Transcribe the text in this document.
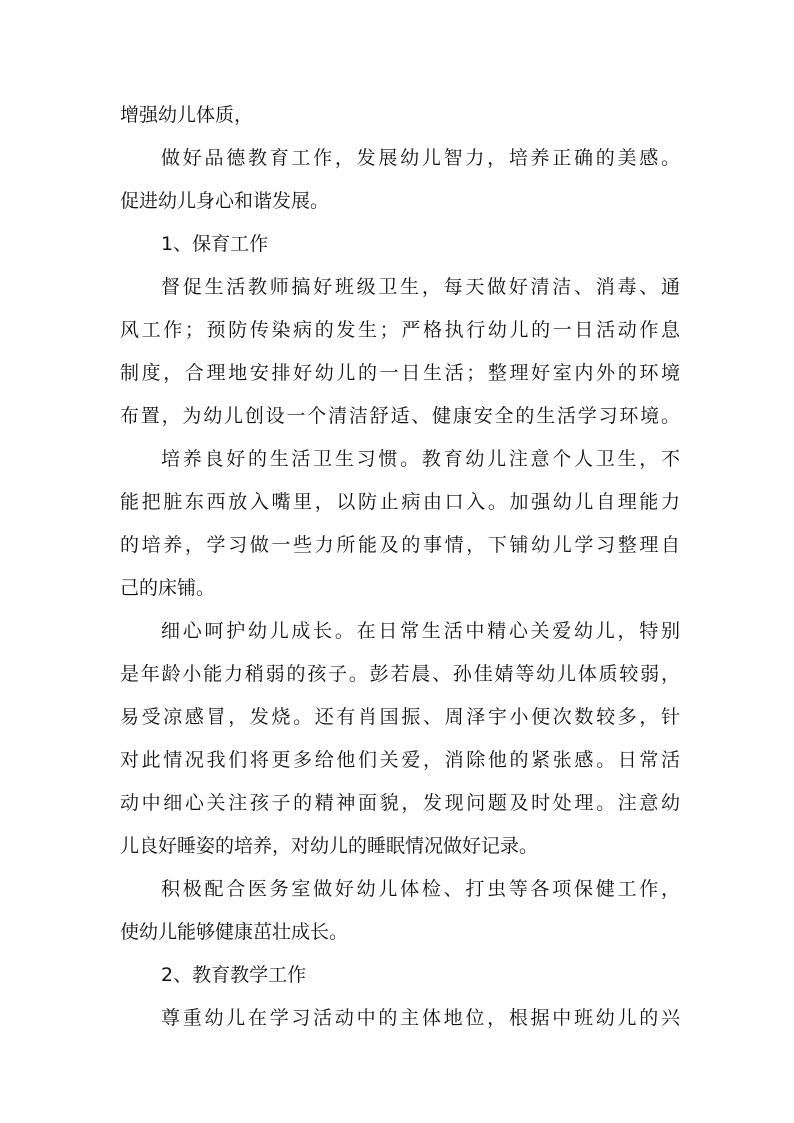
增强幼儿体质，

做好品德教育工作，发展幼儿智力，培养正确的美感。

促进幼儿身心和谐发展。

1、保育工作

督促生活教师搞好班级卫生，每天做好清洁、消毒、通

风工作；预防传染病的发生；严格执行幼儿的一日活动作息

制度，合理地安排好幼儿的一日生活；整理好室内外的环境

布置，为幼儿创设一个清洁舒适、健康安全的生活学习环境。

培养良好的生活卫生习惯。教育幼儿注意个人卫生，不

能把脏东西放入嘴里，以防止病由口入。加强幼儿自理能力

的培养，学习做一些力所能及的事情，下铺幼儿学习整理自

己的床铺。

细心呵护幼儿成长。在日常生活中精心关爱幼儿，特别

是年龄小能力稍弱的孩子。彭若晨、孙佳婧等幼儿体质较弱，

易受凉感冒，发烧。还有肖国振、周泽宇小便次数较多，针

对此情况我们将更多给他们关爱，消除他的紧张感。日常活

动中细心关注孩子的精神面貌，发现问题及时处理。注意幼

儿良好睡姿的培养，对幼儿的睡眠情况做好记录。

积极配合医务室做好幼儿体检、打虫等各项保健工作，

使幼儿能够健康茁壮成长。

2、教育教学工作

尊重幼儿在学习活动中的主体地位，根据中班幼儿的兴
